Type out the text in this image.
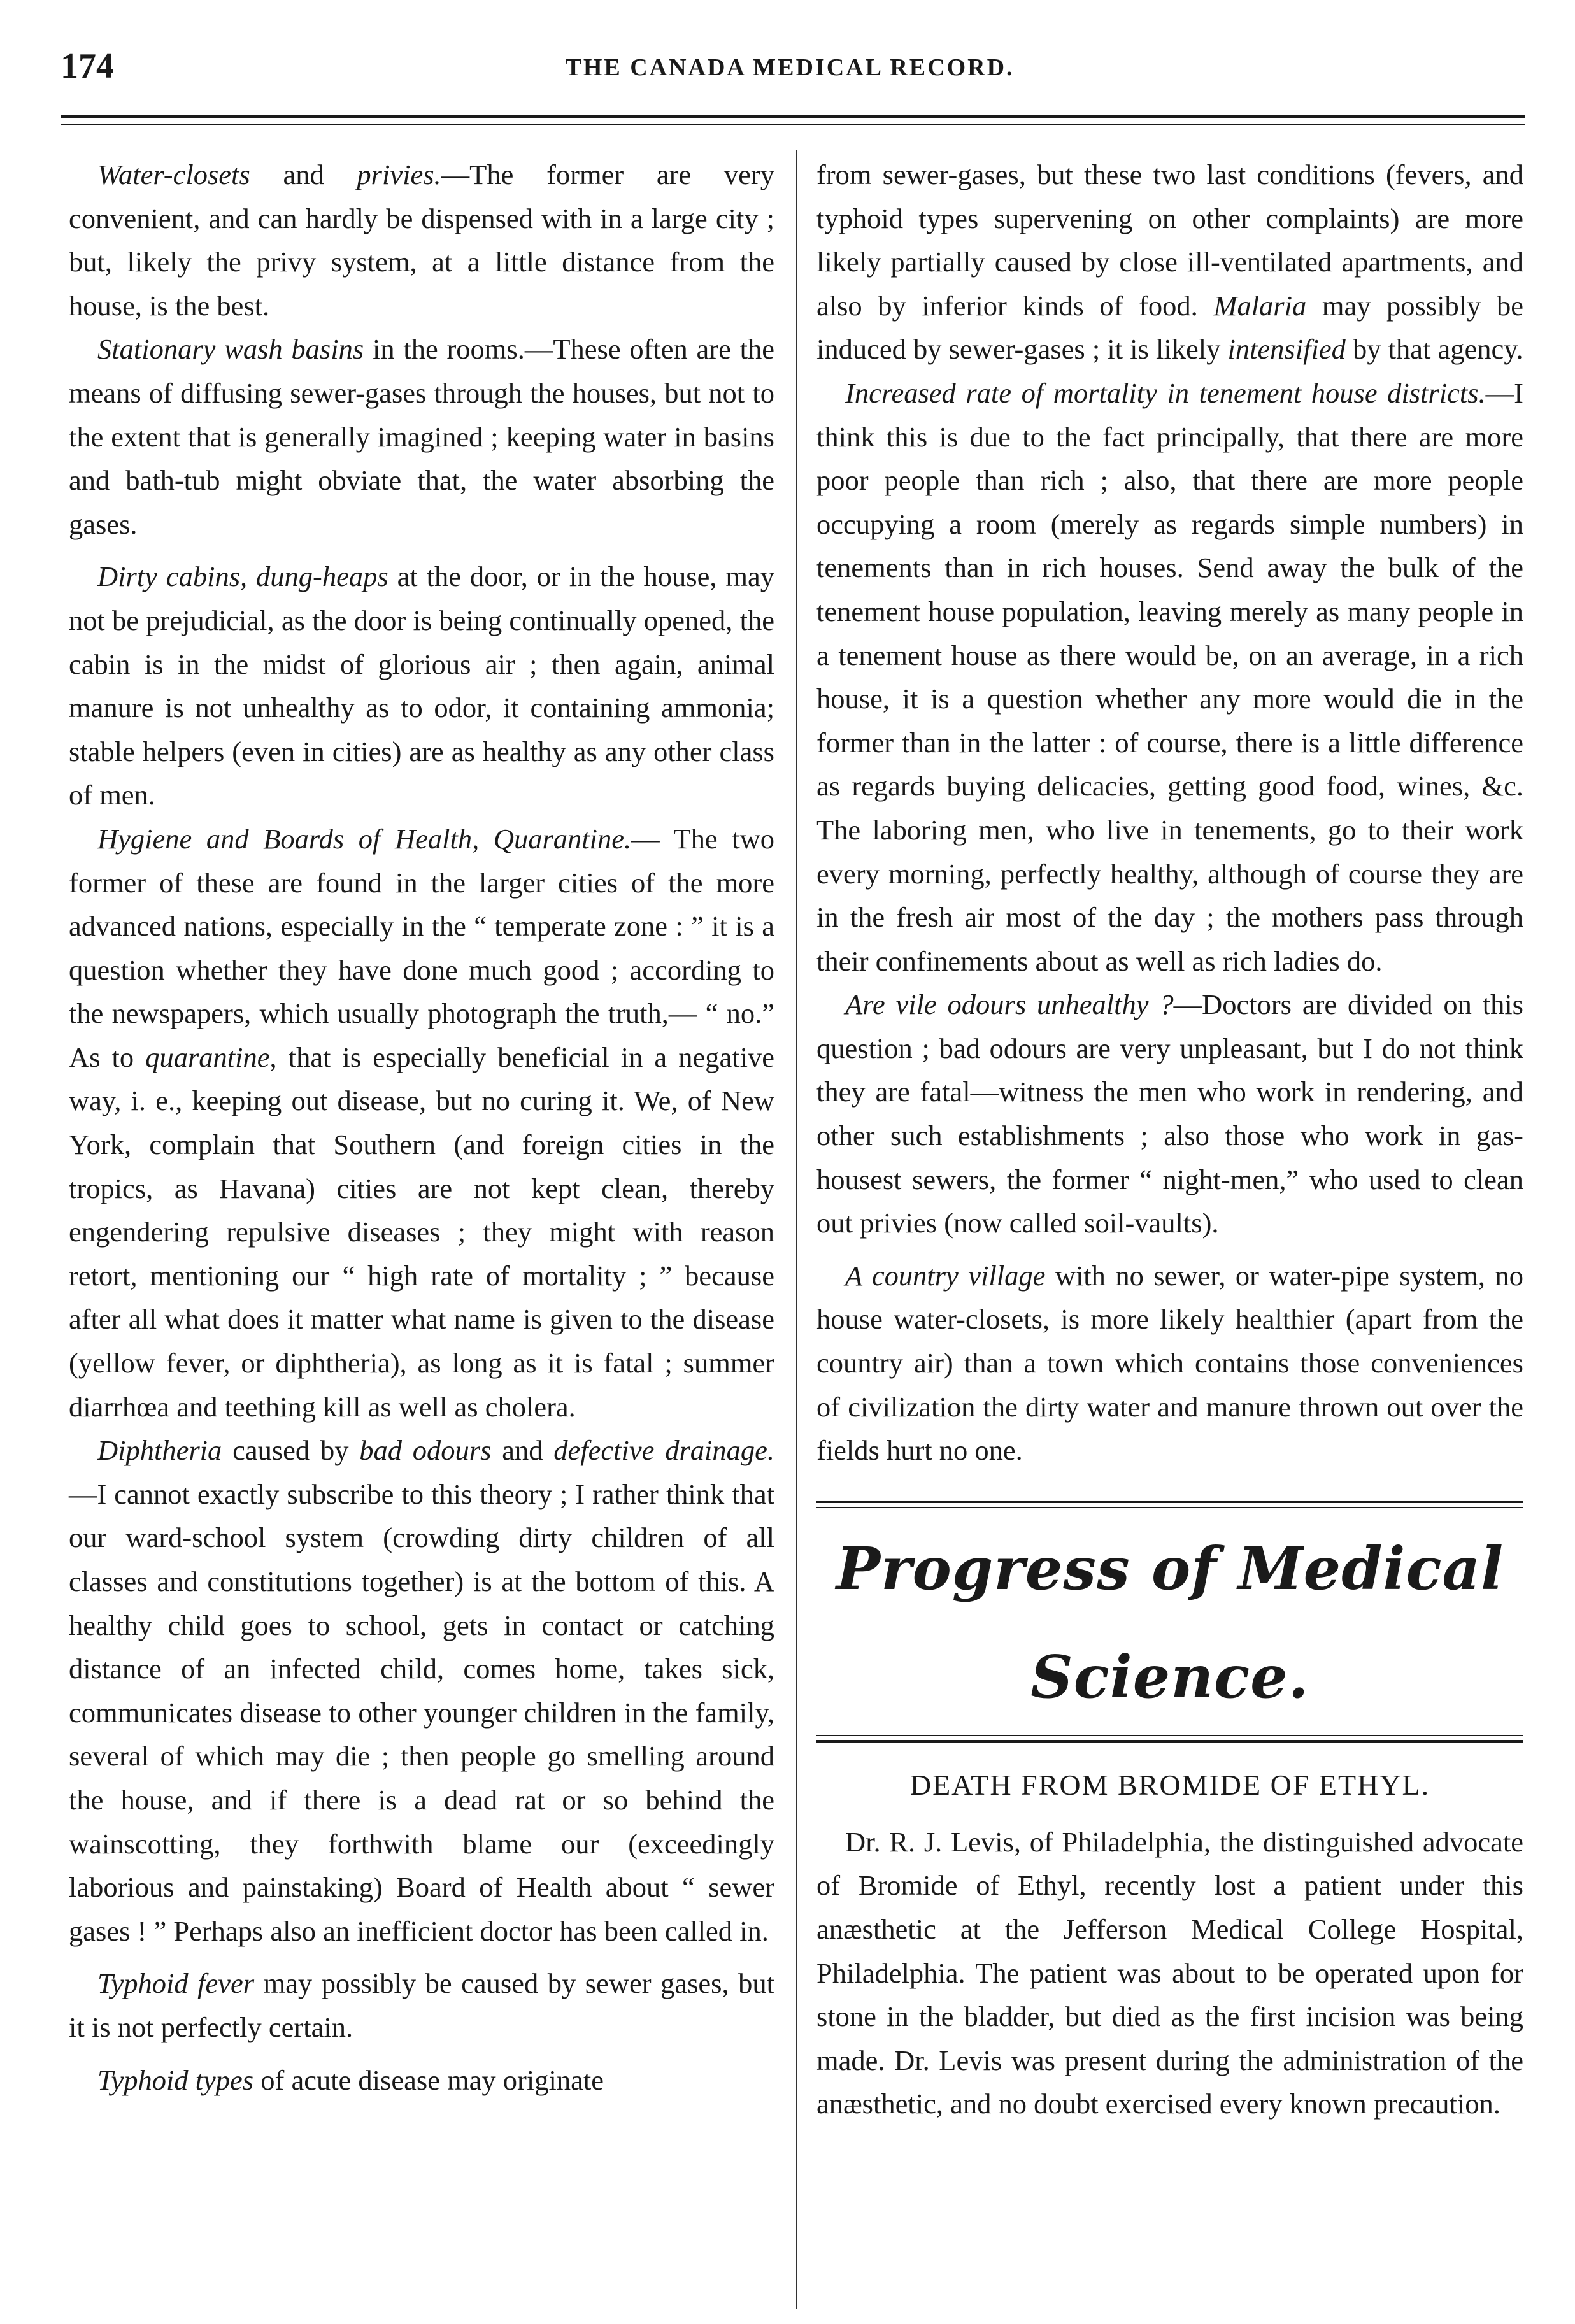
174	THE CANADA MEDICAL RECORD.

Water-closets and privies.—The former are very convenient, and can hardly be dispensed with in a large city ; but, likely the privy system, at a little distance from the house, is the best.

Stationary wash basins in the rooms.—These often are the means of diffusing sewer-gases through the houses, but not to the extent that is generally imagined ; keeping water in basins and bath-tub might obviate that, the water absorbing the gases.

Dirty cabins, dung-heaps at the door, or in the house, may not be prejudicial, as the door is being continually opened, the cabin is in the midst of glorious air ; then again, animal manure is not unhealthy as to odor, it containing ammonia; stable helpers (even in cities) are as healthy as any other class of men.

Hygiene and Boards of Health, Quarantine.— The two former of these are found in the larger cities of the more advanced nations, especially in the “ temperate zone : ” it is a question whether they have done much good ; according to the newspapers, which usually photograph the truth,— “ no.” As to quarantine, that is especially beneficial in a negative way, i. e., keeping out disease, but no curing it. We, of New York, complain that Southern (and foreign cities in the tropics, as Havana) cities are not kept clean, thereby engendering repulsive diseases ; they might with reason retort, mentioning our “ high rate of mortality ; ” because after all what does it matter what name is given to the disease (yellow fever, or diphtheria), as long as it is fatal ; summer diarrhœa and teething kill as well as cholera.

Diphtheria caused by bad odours and defective drainage.—I cannot exactly subscribe to this theory ; I rather think that our ward-school system (crowding dirty children of all classes and constitutions together) is at the bottom of this. A healthy child goes to school, gets in contact or catching distance of an infected child, comes home, takes sick, communicates disease to other younger children in the family, several of which may die ; then people go smelling around the house, and if there is a dead rat or so behind the wainscotting, they forthwith blame our (exceedingly laborious and painstaking) Board of Health about “ sewer gases ! ” Perhaps also an inefficient doctor has been called in.

Typhoid fever may possibly be caused by sewer gases, but it is not perfectly certain.

Typhoid types of acute disease may originate

from sewer-gases, but these two last conditions (fevers, and typhoid types supervening on other complaints) are more likely partially caused by close ill-ventilated apartments, and also by inferior kinds of food. Malaria may possibly be induced by sewer-gases ; it is likely intensified by that agency.

Increased rate of mortality in tenement house districts.—I think this is due to the fact principally, that there are more poor people than rich ; also, that there are more people occupying a room (merely as regards simple numbers) in tenements than in rich houses. Send away the bulk of the tenement house population, leaving merely as many people in a tenement house as there would be, on an average, in a rich house, it is a question whether any more would die in the former than in the latter : of course, there is a little difference as regards buying delicacies, getting good food, wines, &c. The laboring men, who live in tenements, go to their work every morning, perfectly healthy, although of course they are in the fresh air most of the day ; the mothers pass through their confinements about as well as rich ladies do.

Are vile odours unhealthy ?—Doctors are divided on this question ; bad odours are very unpleasant, but I do not think they are fatal—witness the men who work in rendering, and other such establishments ; also those who work in gas-housest sewers, the former “ night-men,” who used to clean out privies (now called soil-vaults).

A country village with no sewer, or water-pipe system, no house water-closets, is more likely healthier (apart from the country air) than a town which contains those conveniences of civilization the dirty water and manure thrown out over the fields hurt no one.

Progress of Medical Science.
DEATH FROM BROMIDE OF ETHYL.

Dr. R. J. Levis, of Philadelphia, the distinguished advocate of Bromide of Ethyl, recently lost a patient under this anæsthetic at the Jefferson Medical College Hospital, Philadelphia. The patient was about to be operated upon for stone in the bladder, but died as the first incision was being made. Dr. Levis was present during the administration of the anæsthetic, and no doubt exercised every known precaution.
